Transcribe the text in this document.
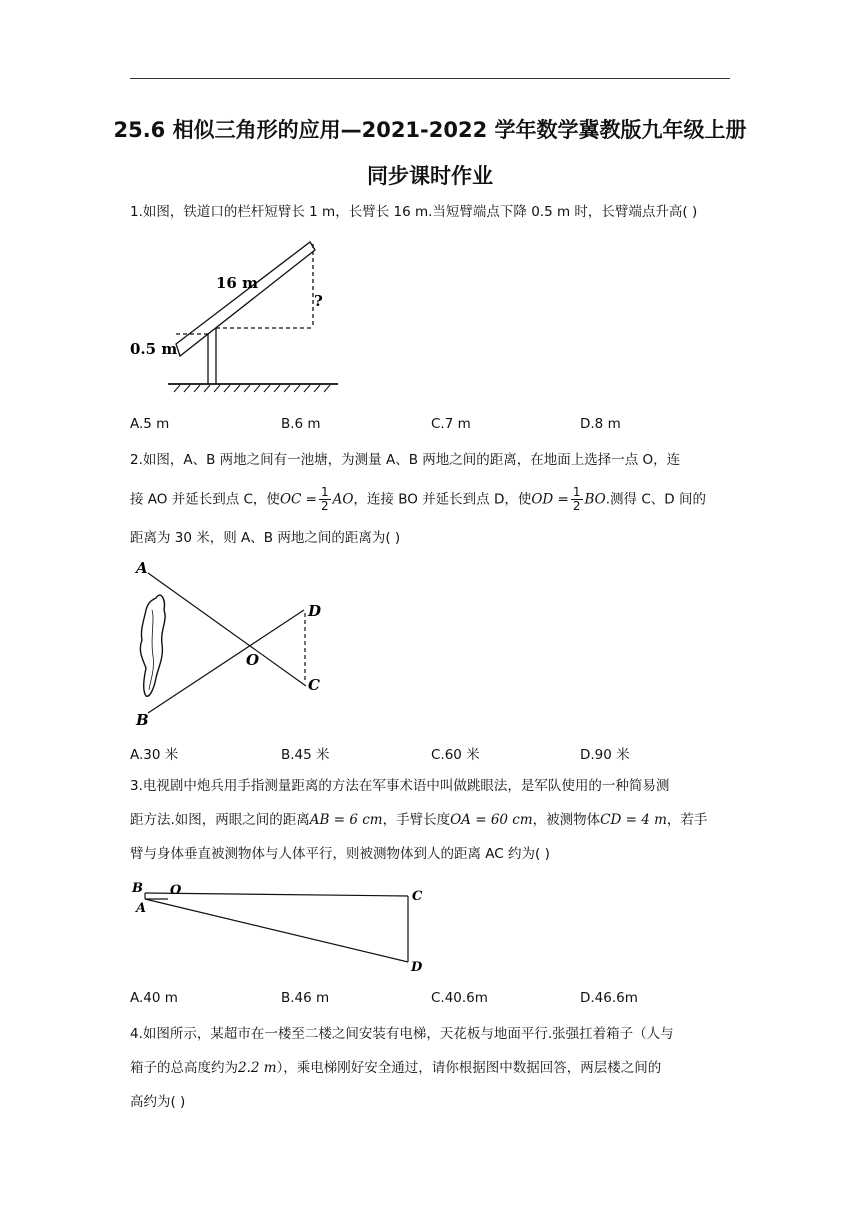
25.6 相似三角形的应用—2021-2022 学年数学冀教版九年级上册
同步课时作业
1.如图，铁道口的栏杆短臂长 1 m，长臂长 16 m.当短臂端点下降 0.5 m 时，长臂端点升高( )
16 m
0.5 m
?
A.5 m	B.6 m	C.7 m	D.8 m
2.如图，A、B 两地之间有一池塘，为测量 A、B 两地之间的距离，在地面上选择一点 O，连
接 AO 并延长到点 C，使OC = $\frac{1}{2}$ AO，连接 BO 并延长到点 D，使OD = $\frac{1}{2}$ BO.测得 C、D 间的
距离为 30 米，则 A、B 两地之间的距离为( )
A
B
O
D
C
A.30 米	B.45 米	C.60 米	D.90 米
3.电视剧中炮兵用手指测量距离的方法在军事术语中叫做跳眼法，是军队使用的一种简易测
距方法.如图，两眼之间的距离AB = 6 cm，手臂长度OA = 60 cm，被测物体CD = 4 m，若手
臂与身体垂直被测物体与人体平行，则被测物体到人的距离 AC 约为( )
B
A
O	C
D
A.40 m	B.46 m	C.40.6m	D.46.6m
4.如图所示，某超市在一楼至二楼之间安装有电梯，天花板与地面平行.张强扛着箱子（人与
箱子的总高度约为2.2 m），乘电梯刚好安全通过，请你根据图中数据回答，两层楼之间的
高约为( )
